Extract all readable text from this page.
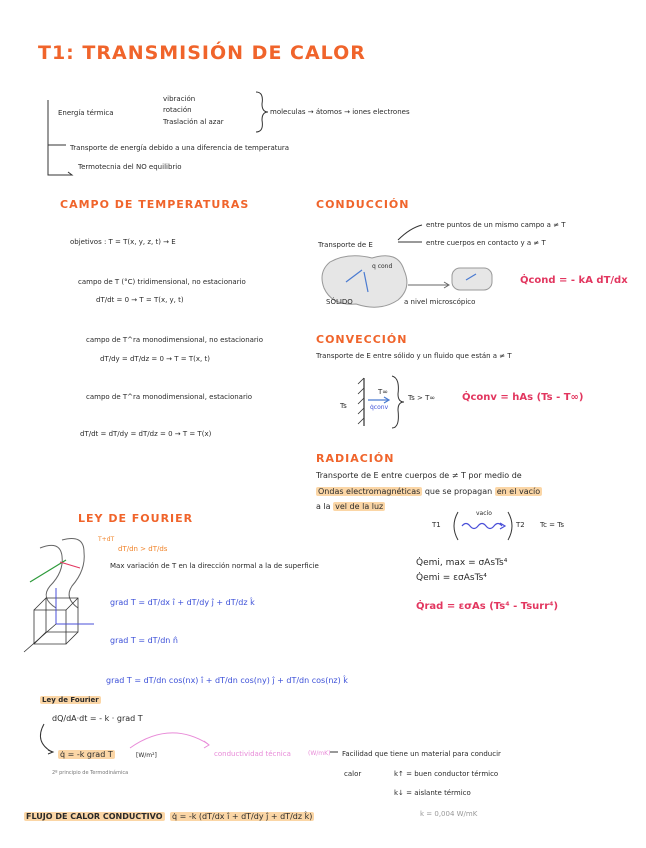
T1: TRANSMISIÓN DE CALOR
Energía térmica
vibración
rotación
Traslación al azar
moleculas → átomos → iones electrones
Transporte de energía debido a una diferencia de temperatura
Termotecnia del NO equilibrio
CAMPO DE TEMPERATURAS
objetivos : T = T(x, y, z, t) → E
campo de T (°C) tridimensional, no estacionario
dT/dt = 0 → T = T(x, y, t)
campo de T^ra monodimensional, no estacionario
dT/dy = dT/dz = 0 → T = T(x, t)
campo de T^ra monodimensional, estacionario
dT/dt = dT/dy = dT/dz = 0 → T = T(x)
CONDUCCIÓN
Transporte de E
entre puntos de un mismo campo a ≠ T
entre cuerpos en contacto y a ≠ T
q cond
SÓLIDO	a nivel microscópico
Q̇cond = - kA dT/dx
CONVECCIÓN
Transporte de E entre sólido y un fluido que están a ≠ T
Ts
T∞
q̇conv
Ts > T∞	Q̇conv = hAs (Ts - T∞)
RADIACIÓN
Transporte de E entre cuerpos de ≠ T por medio de
Ondas electromagnéticas que se propagan en el vacío
a la vel de la luz
vacío
T1	T2 Tc = Ts
Q̇emi, max = σAsTs⁴
Q̇emi = εσAsTs⁴
Q̇rad = εσAs (Ts⁴ - Tsurr⁴)
LEY DE FOURIER
T+dT
dT/dn > dT/ds
Max variación de T en la dirección normal a la de superficie
grad T = dT/dx î + dT/dy ĵ + dT/dz k̂
grad T = dT/dn n̂
grad T = dT/dn cos(nx) î + dT/dn cos(ny) ĵ + dT/dn cos(nz) k̂
Ley de Fourier
dQ/dA·dt = - k · grad T
q̇ = -k grad T	[W/m²]
2º principio de Termodinámica
conductividad técnica	(W/mK) Facilidad que tiene un material para conducir
calor	k↑ = buen conductor térmico
k↓ = aislante térmico
k = 0,004 W/mK
FLUJO DE CALOR CONDUCTIVO q̇ = -k (dT/dx î + dT/dy ĵ + dT/dz k̂)
